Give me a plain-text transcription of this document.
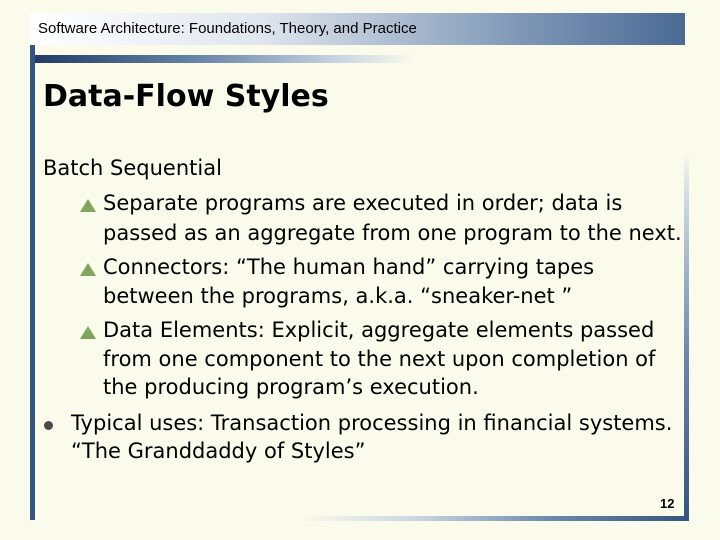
Software Architecture: Foundations, Theory, and Practice
Data-Flow Styles
Batch Sequential
Separate programs are executed in order; data is
passed as an aggregate from one program to the next.
Connectors: “The human hand” carrying tapes
between the programs, a.k.a. “sneaker-net ”
Data Elements: Explicit, aggregate elements passed
from one component to the next upon completion of
the producing program’s execution.
Typical uses: Transaction processing in financial systems.
“The Granddaddy of Styles”
12
